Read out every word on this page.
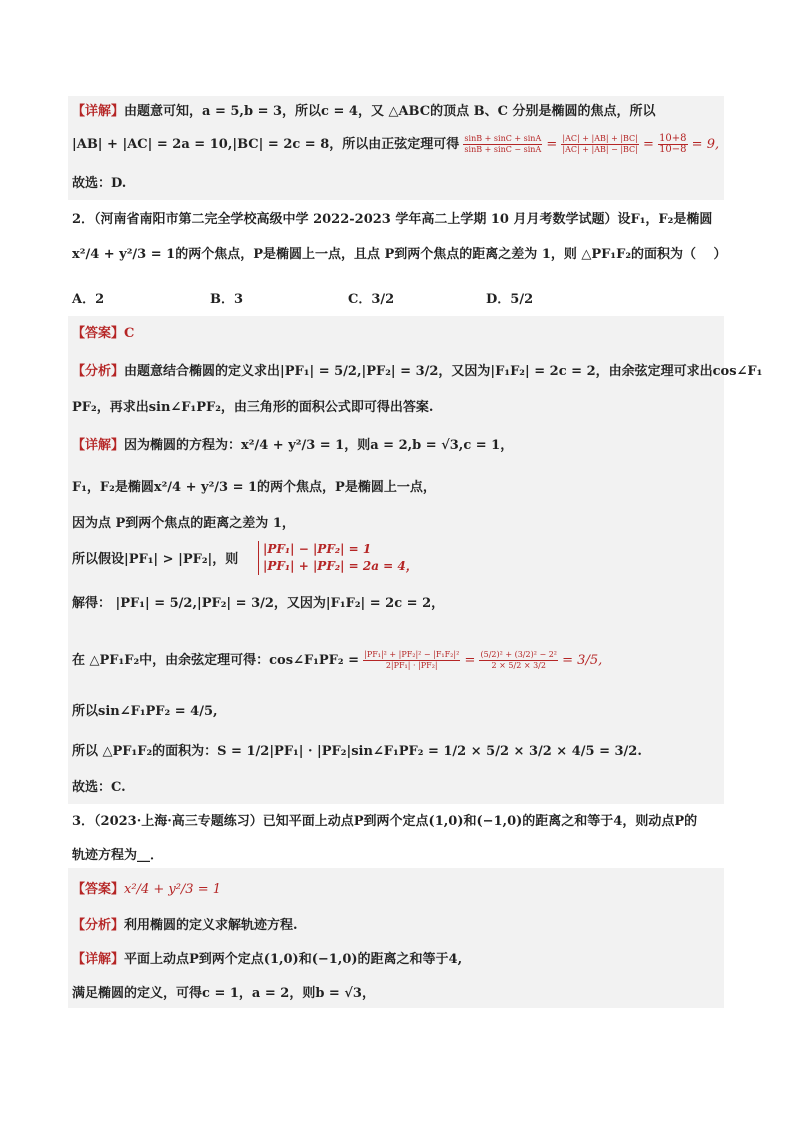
【详解】由题意可知，a = 5,b = 3，所以c = 4，又 △ABC的顶点 B、C 分别是椭圆的焦点，所以
|AB| + |AC| = 2a = 10,|BC| = 2c = 8，所以由正弦定理可得 $\frac{\sin B + \sin C + \sin A}{\sin B + \sin C - \sin A} = \frac{|AC| + |AB| + |BC|}{|AC| + |AB| - |BC|} = \frac{10+8}{10-8} = 9$,
故选：D.
2．（河南省南阳市第二完全学校高级中学 2022-2023 学年高二上学期 10 月月考数学试题）设F₁，F₂是椭圆
x²/4 + y²/3 = 1的两个焦点，P是椭圆上一点，且点 P到两个焦点的距离之差为 1，则 △PF₁F₂的面积为（　 ）
A．2	B．3	C．3/2	D．5/2
【答案】C
【分析】由题意结合椭圆的定义求出|PF₁| = 5/2,|PF₂| = 3/2，又因为|F₁F₂| = 2c = 2，由余弦定理可求出cos∠F₁
PF₂，再求出sin∠F₁PF₂，由三角形的面积公式即可得出答案.
【详解】因为椭圆的方程为：x²/4 + y²/3 = 1，则a = 2,b = √3,c = 1，
F₁，F₂是椭圆x²/4 + y²/3 = 1的两个焦点，P是椭圆上一点，
因为点 P到两个焦点的距离之差为 1，
所以假设|PF₁| > |PF₂|，则
|PF₁| − |PF₂| = 1
|PF₁| + |PF₂| = 2a = 4，
解得： |PF₁| = 5/2,|PF₂| = 3/2，又因为|F₁F₂| = 2c = 2，
在 △PF₁F₂中，由余弦定理可得：cos∠F₁PF₂ = $\frac{\text{|PF₁|² + |PF₂|² − |F₁F₂|²}}{\text{2|PF₁| · |PF₂|}} = \frac{\text{(5/2)² + (3/2)² − 2²}}{2 \times 5/2 \times 3/2} = 3/5$,
所以sin∠F₁PF₂ = 4/5,
所以 △PF₁F₂的面积为：S = 1/2|PF₁| · |PF₂|sin∠F₁PF₂ = 1/2 × 5/2 × 3/2 × 4/5 = 3/2.
故选：C.
3．（2023·上海·高三专题练习）已知平面上动点P到两个定点(1,0)和(−1,0)的距离之和等于4，则动点P的
轨迹方程为__．
【答案】x²/4 + y²/3 = 1
【分析】利用椭圆的定义求解轨迹方程.
【详解】平面上动点P到两个定点(1,0)和(−1,0)的距离之和等于4,
满足椭圆的定义，可得c = 1，a = 2，则b = √3，
